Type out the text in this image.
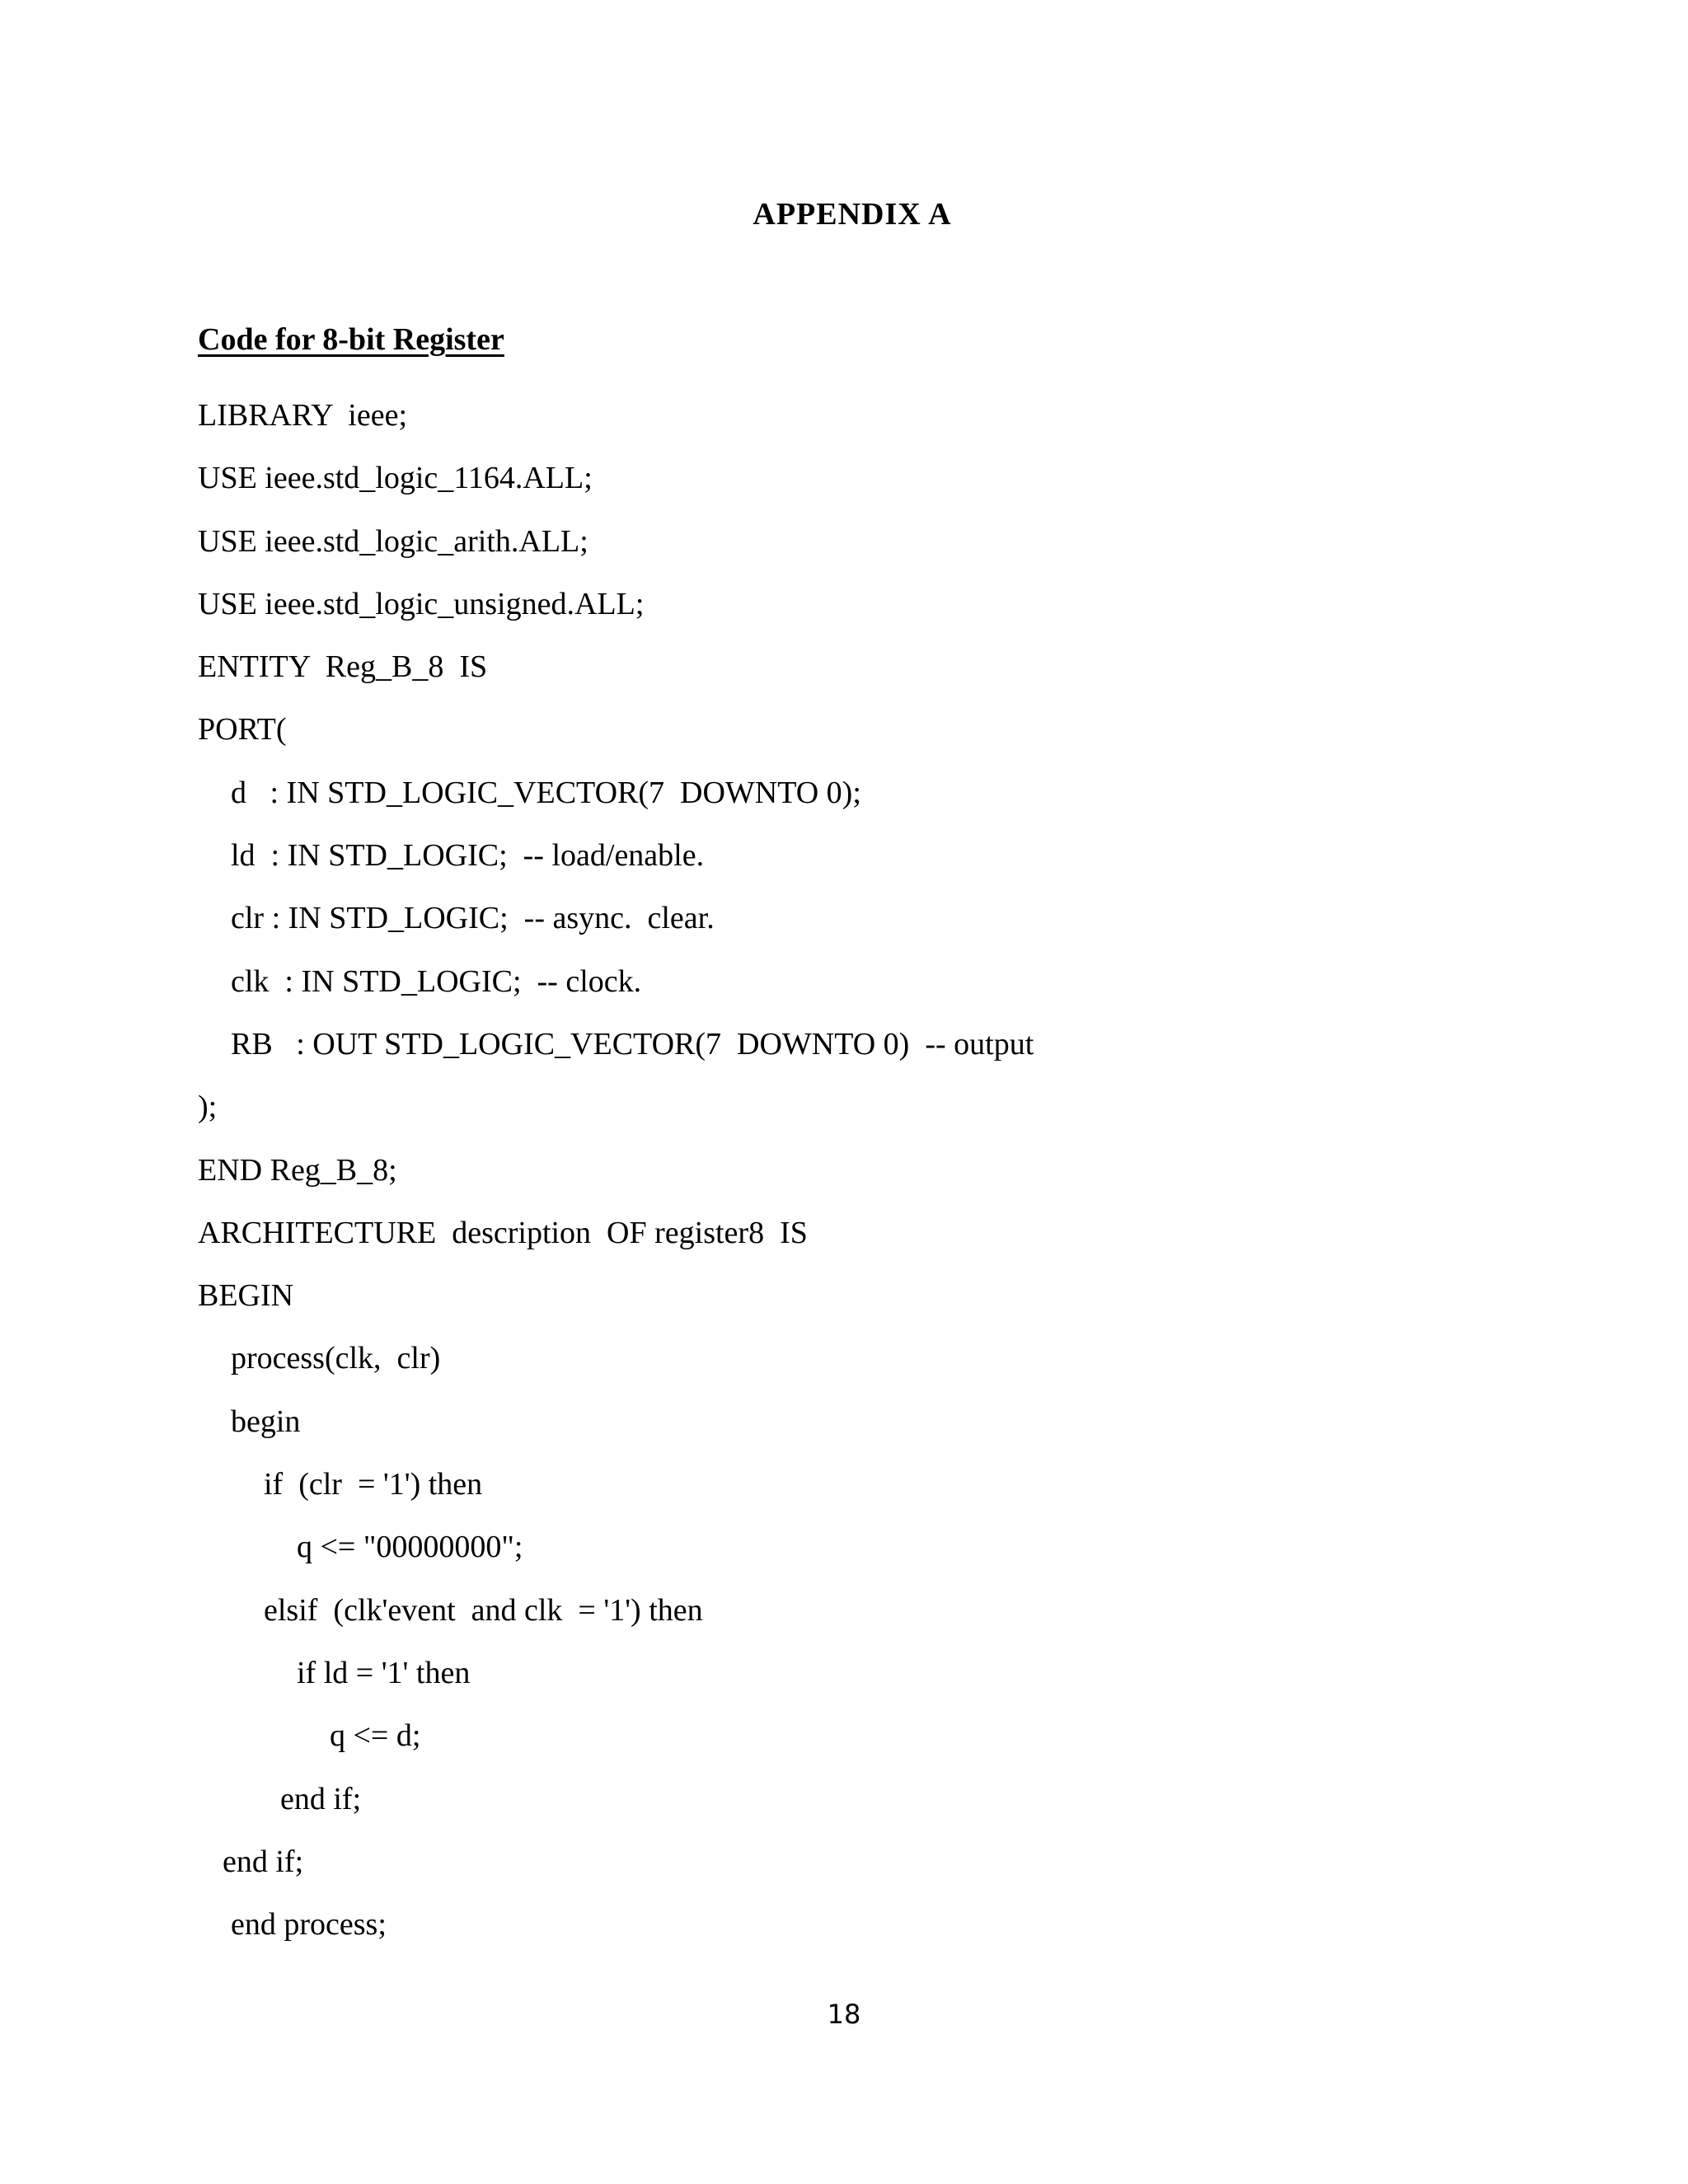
APPENDIX A
Code for 8-bit Register
LIBRARY  ieee;
USE ieee.std_logic_1164.ALL;
USE ieee.std_logic_arith.ALL;
USE ieee.std_logic_unsigned.ALL;
ENTITY  Reg_B_8  IS
PORT(
d   : IN STD_LOGIC_VECTOR(7  DOWNTO 0);
ld  : IN STD_LOGIC;  -- load/enable.
clr : IN STD_LOGIC;  -- async.  clear.
clk  : IN STD_LOGIC;  -- clock.
RB   : OUT STD_LOGIC_VECTOR(7  DOWNTO 0)  -- output
);
END Reg_B_8;
ARCHITECTURE  description  OF register8  IS
BEGIN
process(clk,  clr)
begin
if  (clr  = '1') then
q <= "00000000";
elsif  (clk'event  and clk  = '1') then
if ld = '1' then
q <= d;
end if;
end if;
end process;
18
